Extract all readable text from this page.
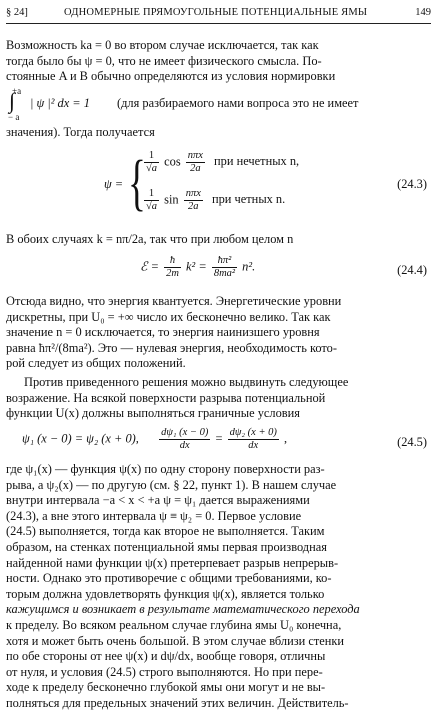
§ 24]	ОДНОМЕРНЫЕ ПРЯМОУГОЛЬНЫЕ ПОТЕНЦИАЛЬНЫЕ ЯМЫ	149

Возможность ka = 0 во втором случае исключается, так как

тогда было бы ψ = 0, что не имеет физического смысла. По-

стоянные A и B обычно определяются из условия нормировки

+a
∫
− a
| ψ |² dx = 1 (для разбираемого нами вопроса это не имеет

значения). Тогда получается

ψ = {
$\frac{1}{√a}$ $\cos \frac{\text{nπx}}{2a}$ при нечетных n,
$\frac{1}{√a}$ $\sin \frac{\text{nπx}}{2a}$ при четных n.
(24.3)

В обоих случаях k = nπ/2a, так что при любом целом n

ℰ = $\frac{ħ}{2m} k^2 = \frac{\text{ħπ²}}{\text{8ma²}} n^2$.	(24.4)

Отсюда видно, что энергия квантуется. Энергетические уровни

дискретны, при U₀ = +∞ число их бесконечно велико. Так как

значение n = 0 исключается, то энергия наинизшего уровня

равна ħπ²/(8ma²). Это — нулевая энергия, необходимость кото-

рой следует из общих положений.

Против приведенного решения можно выдвинуть следующее

возражение. На всякой поверхности разрыва потенциальной

функции U(x) должны выполняться граничные условия

ψ₁ (x − 0) = ψ₂ (x + 0), $\frac{\text{dψ₁ (x − 0)}}{dx} = \frac{\text{dψ₂ (x + 0)}}{dx}$ ,	(24.5)

где ψ₁(x) — функция ψ(x) по одну сторону поверхности раз-

рыва, а ψ₂(x) — по другую (см. § 22, пункт 1). В нашем случае

внутри интервала −a < x < +a ψ = ψ₁ дается выражениями

(24.3), а вне этого интервала ψ ≡ ψ₂ = 0. Первое условие

(24.5) выполняется, тогда как второе не выполняется. Таким

образом, на стенках потенциальной ямы первая производная

найденной нами функции ψ(x) претерпевает разрыв непрерыв-

ности. Однако это противоречие с общими требованиями, ко-

торым должна удовлетворять функция ψ(x), является только

кажущимся и возникает в результате математического перехода

к пределу. Во всяком реальном случае глубина ямы U₀ конечна,

хотя и может быть очень большой. В этом случае вблизи стенки

по обе стороны от нее ψ(x) и dψ/dx, вообще говоря, отличны

от нуля, и условия (24.5) строго выполняются. Но при пере-

ходе к пределу бесконечно глубокой ямы они могут и не вы-

полняться для предельных значений этих величин. Действитель-
